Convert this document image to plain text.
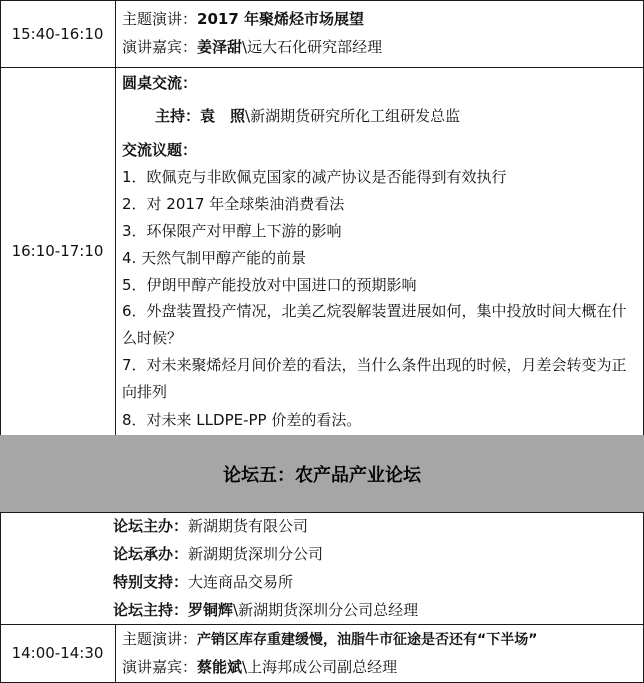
15:40-16:10
主题演讲：2017 年聚烯烃市场展望
演讲嘉宾：姜泽甜\远大石化研究部经理
16:10-17:10
圆桌交流：
主持：袁　照\新湖期货研究所化工组研发总监
交流议题：
1．欧佩克与非欧佩克国家的减产协议是否能得到有效执行
2．对 2017 年全球柴油消费看法
3．环保限产对甲醇上下游的影响
4. 天然气制甲醇产能的前景
5．伊朗甲醇产能投放对中国进口的预期影响
6．外盘装置投产情况，北美乙烷裂解装置进展如何，集中投放时间大概在什么时候？
7．对未来聚烯烃月间价差的看法，当什么条件出现的时候，月差会转变为正向排列
8．对未来 LLDPE-PP 价差的看法。
论坛五：农产品产业论坛
论坛主办：新湖期货有限公司
论坛承办：新湖期货深圳分公司
特别支持：大连商品交易所
论坛主持：罗铜辉\新湖期货深圳分公司总经理
14:00-14:30
主题演讲：产销区库存重建缓慢，油脂牛市征途是否还有“下半场”
演讲嘉宾：蔡能斌\上海邦成公司副总经理
